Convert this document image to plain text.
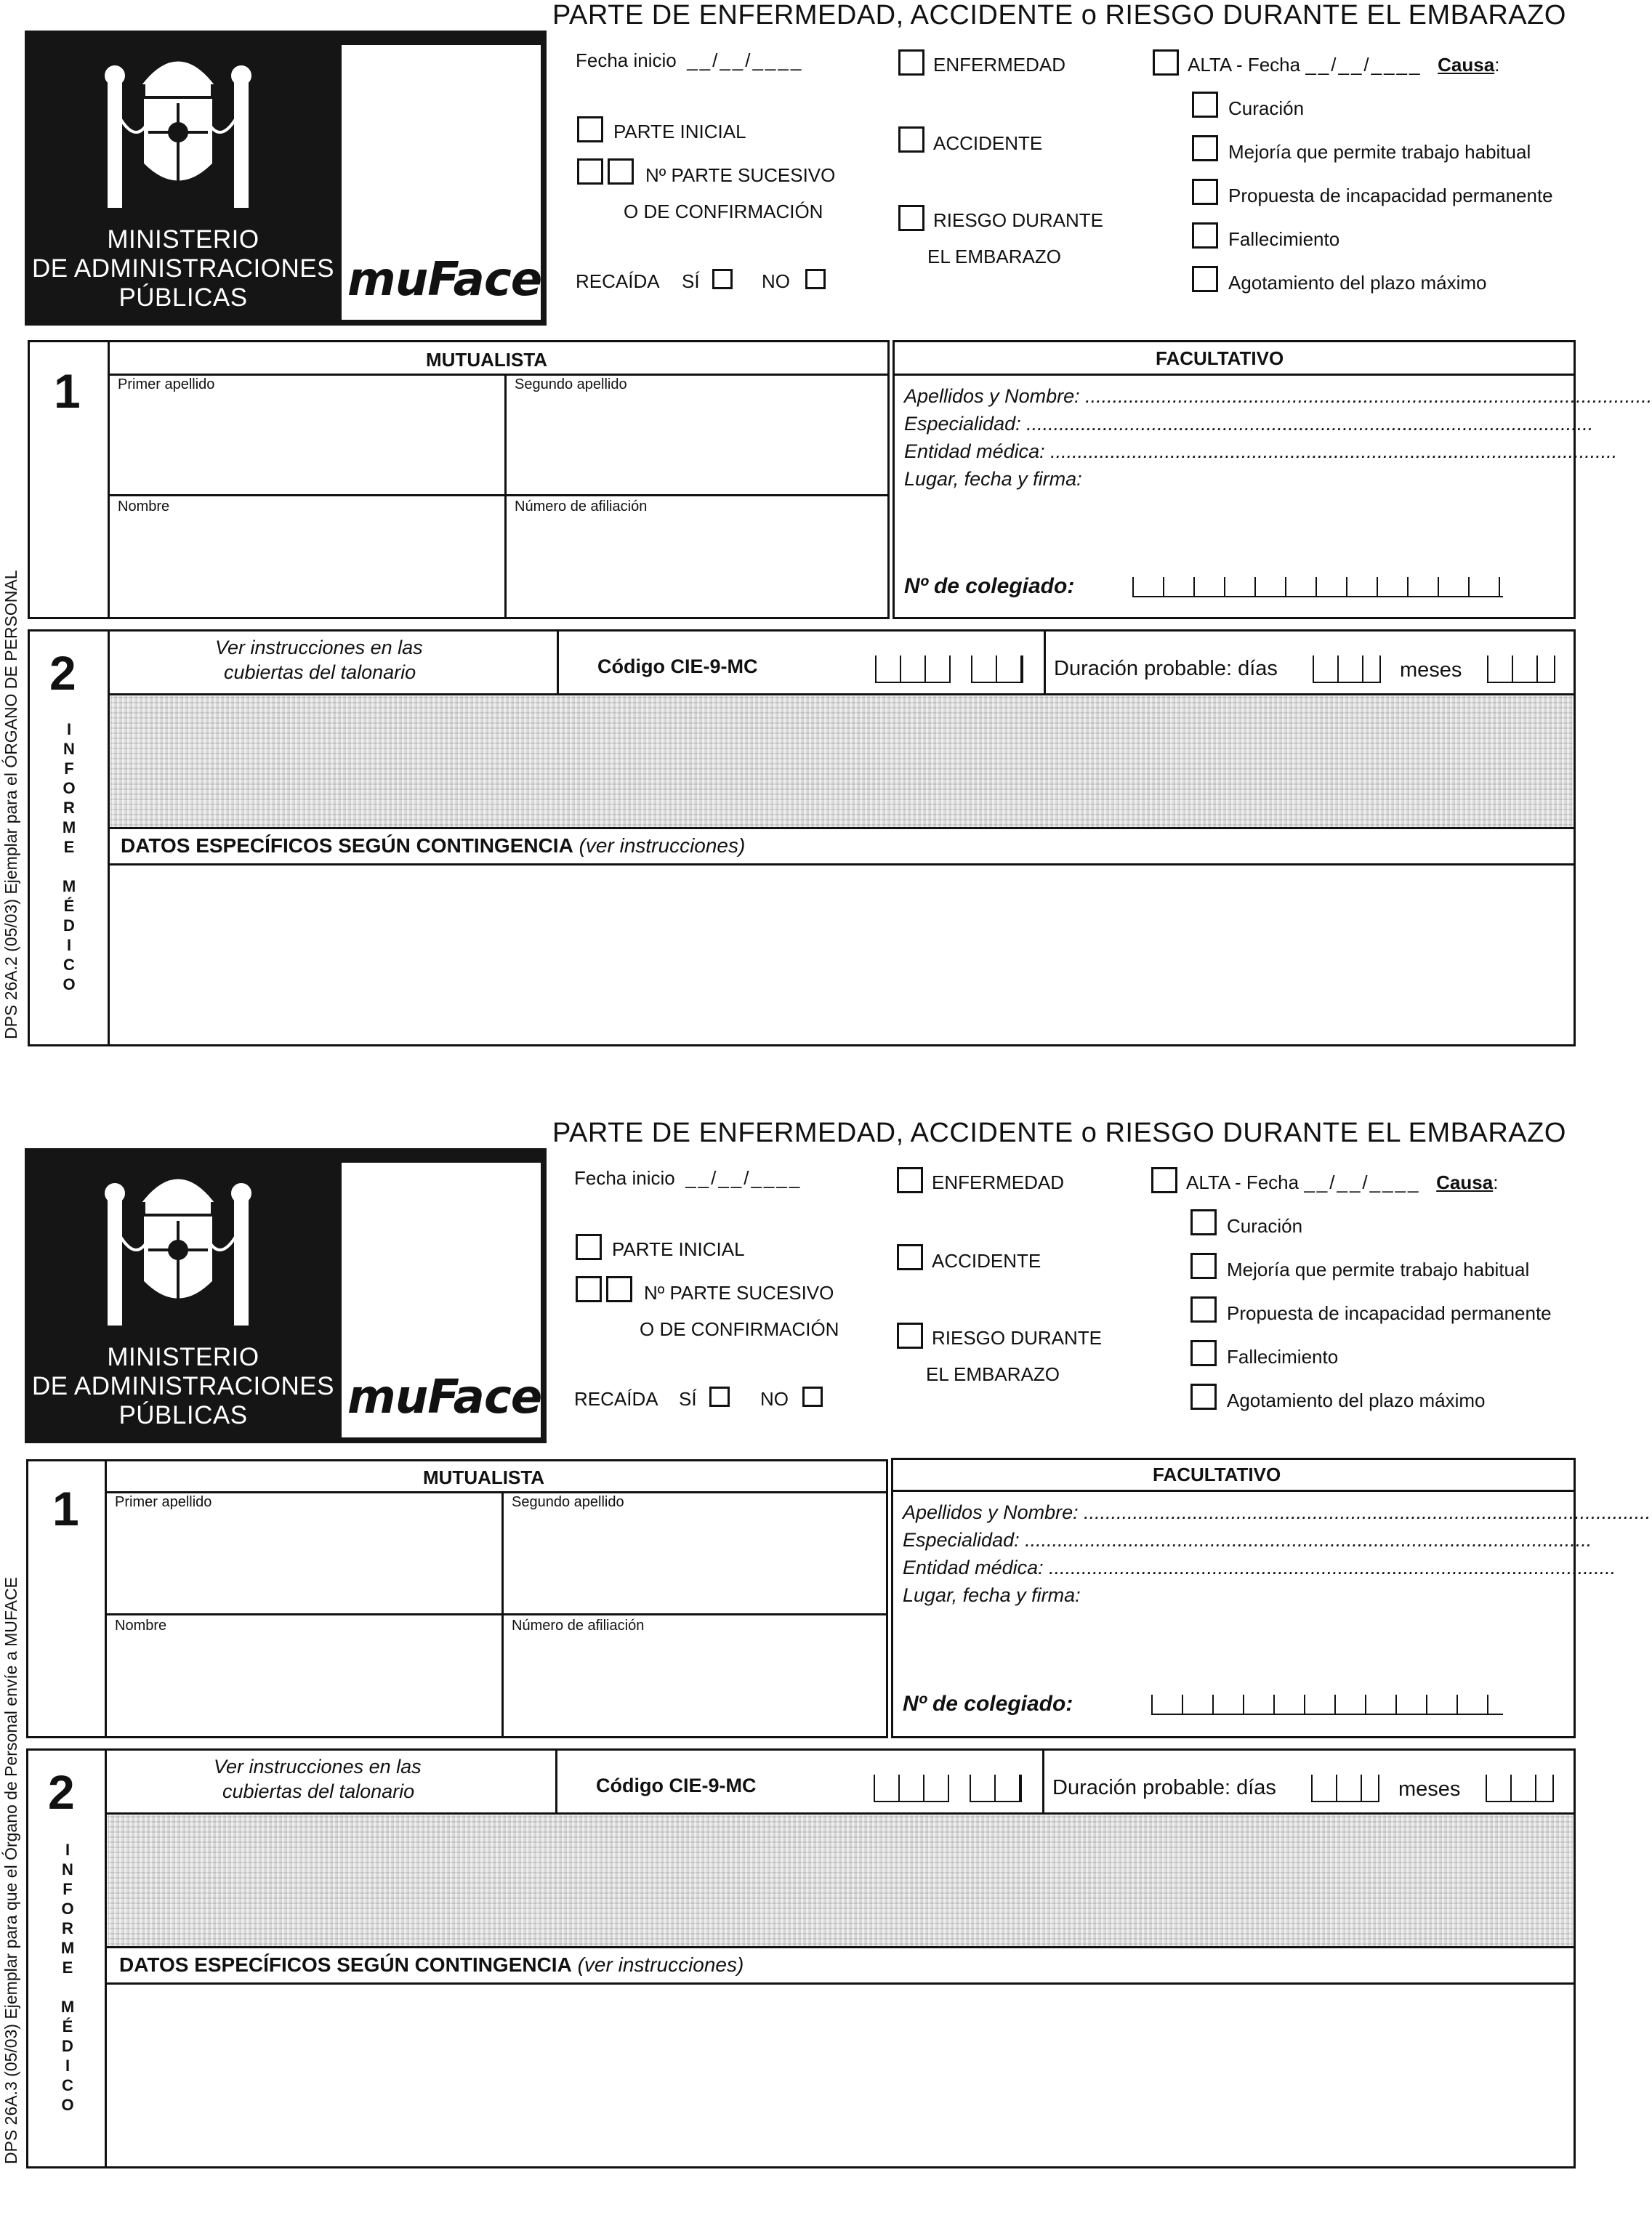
PARTE DE ENFERMEDAD, ACCIDENTE o RIESGO DURANTE EL EMBARAZO
MINISTERIO
DE ADMINISTRACIONES
PÚBLICAS	muFace
Fecha inicio __/__/____
PARTE INICIAL
Nº PARTE SUCESIVO
O DE CONFIRMACIÓN
RECAÍDA SÍ	NO
ENFERMEDAD
ACCIDENTE
RIESGO DURANTE
EL EMBARAZO
ALTA - Fecha __/__/____ Causa:
Curación
Mejoría que permite trabajo habitual
Propuesta de incapacidad permanente
Fallecimiento
Agotamiento del plazo máximo
DPS 26A.2 (05/03) Ejemplar para el ÓRGANO DE PERSONAL
1
MUTUALISTA
Primer apellido	Segundo apellido
Nombre	Número de afiliación
FACULTATIVO
Apellidos y Nombre: ........................................................................................................
Especialidad: ........................................................................................................
Entidad médica: ........................................................................................................
Lugar, fecha y firma:
Nº de colegiado:
2
I
N
F
O
R
M
E
M
É
D
I
C
O
Ver instrucciones en las
cubiertas del talonario	Código CIE-9-MC	Duración probable: días	meses
DATOS ESPECÍFICOS SEGÚN CONTINGENCIA (ver instrucciones)
PARTE DE ENFERMEDAD, ACCIDENTE o RIESGO DURANTE EL EMBARAZO
MINISTERIO
DE ADMINISTRACIONES
PÚBLICAS	muFace
Fecha inicio __/__/____
PARTE INICIAL
Nº PARTE SUCESIVO
O DE CONFIRMACIÓN
RECAÍDA SÍ	NO
ENFERMEDAD
ACCIDENTE
RIESGO DURANTE
EL EMBARAZO
ALTA - Fecha __/__/____ Causa:
Curación
Mejoría que permite trabajo habitual
Propuesta de incapacidad permanente
Fallecimiento
Agotamiento del plazo máximo
DPS 26A.3 (05/03) Ejemplar para que el Órgano de Personal envíe a MUFACE
1
MUTUALISTA
Primer apellido	Segundo apellido
Nombre	Número de afiliación
FACULTATIVO
Apellidos y Nombre: ........................................................................................................
Especialidad: ........................................................................................................
Entidad médica: ........................................................................................................
Lugar, fecha y firma:
Nº de colegiado:
2
I
N
F
O
R
M
E
M
É
D
I
C
O
Ver instrucciones en las
cubiertas del talonario	Código CIE-9-MC	Duración probable: días	meses
DATOS ESPECÍFICOS SEGÚN CONTINGENCIA (ver instrucciones)
